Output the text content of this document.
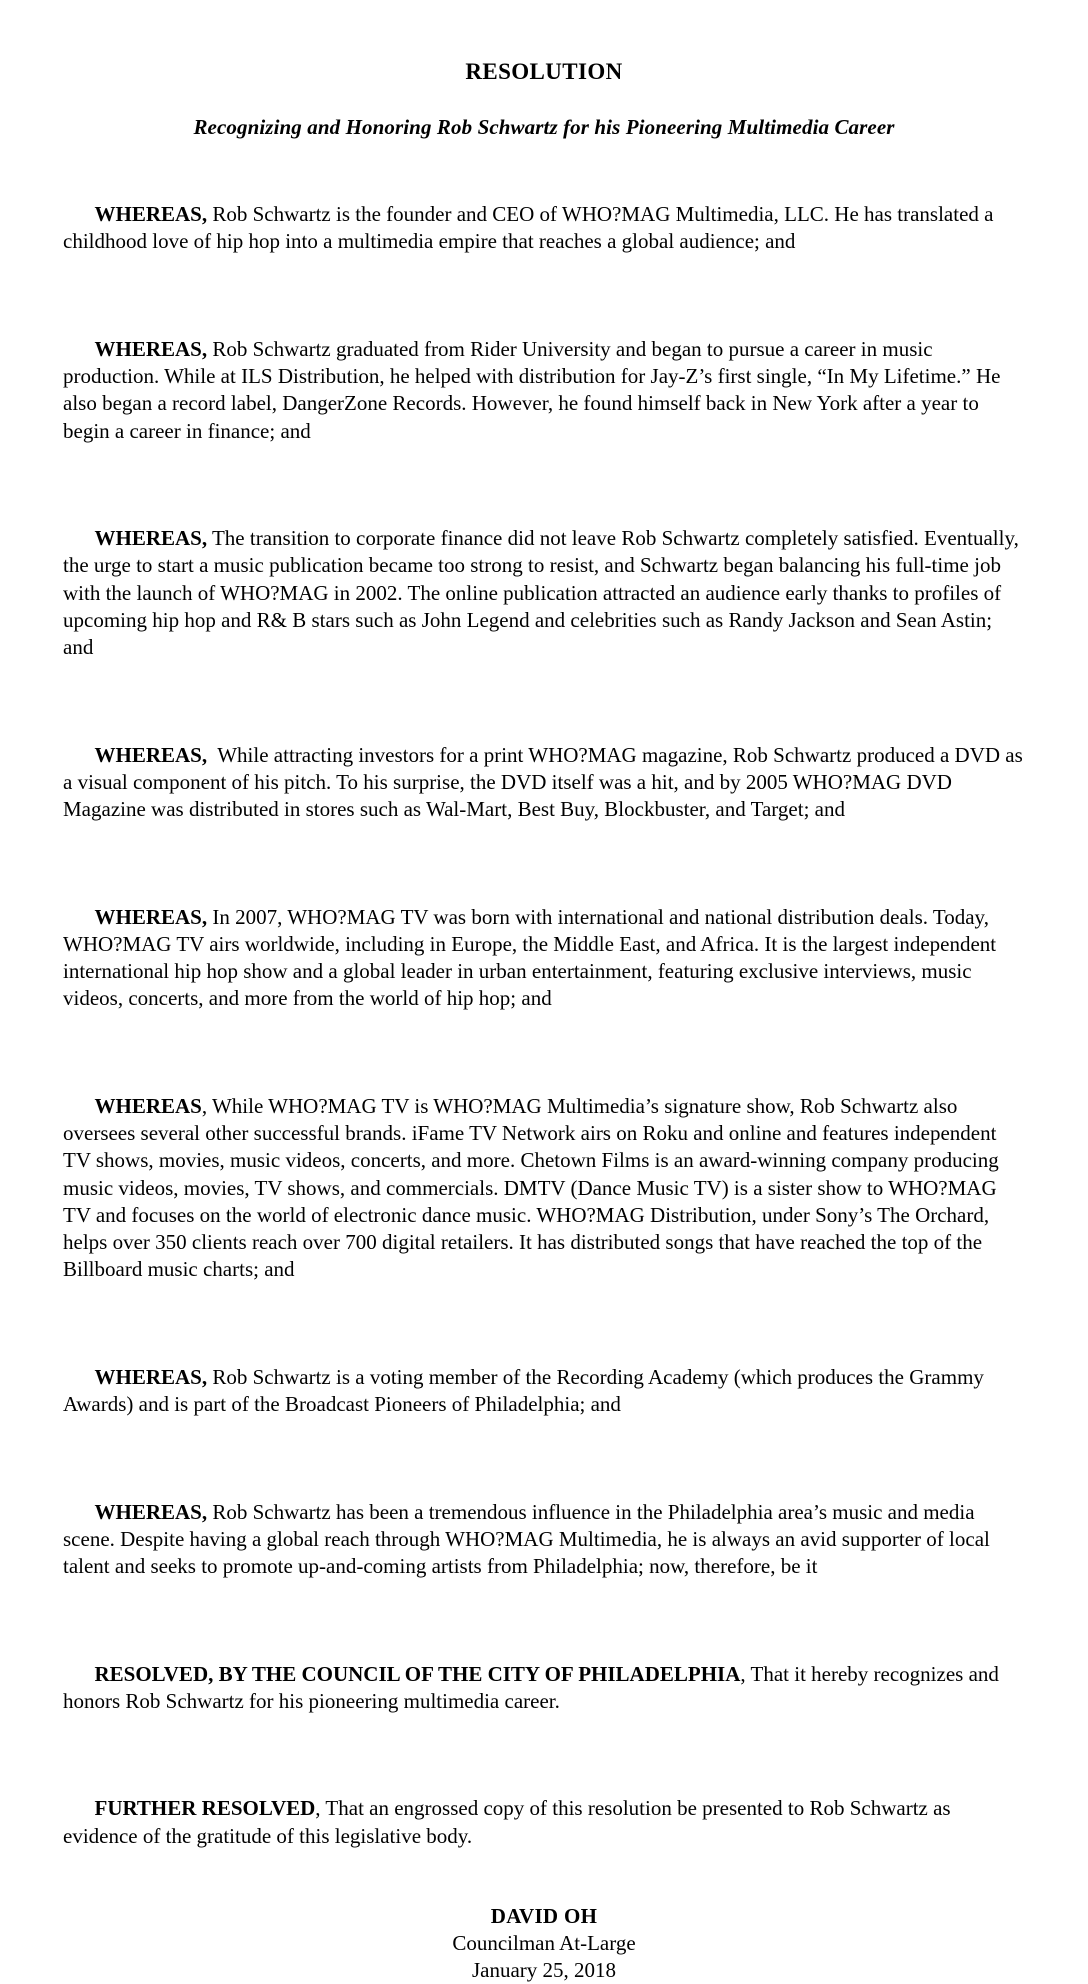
RESOLUTION
Recognizing and Honoring Rob Schwartz for his Pioneering Multimedia Career

WHEREAS, Rob Schwartz is the founder and CEO of WHO?MAG Multimedia, LLC. He has translated a childhood love of hip hop into a multimedia empire that reaches a global audience; and

WHEREAS, Rob Schwartz graduated from Rider University and began to pursue a career in music production. While at ILS Distribution, he helped with distribution for Jay-Z’s first single, “In My Lifetime.” He also began a record label, DangerZone Records. However, he found himself back in New York after a year to begin a career in finance; and

WHEREAS, The transition to corporate finance did not leave Rob Schwartz completely satisfied. Eventually, the urge to start a music publication became too strong to resist, and Schwartz began balancing his full-time job with the launch of WHO?MAG in 2002. The online publication attracted an audience early thanks to profiles of upcoming hip hop and R& B stars such as John Legend and celebrities such as Randy Jackson and Sean Astin; and

WHEREAS,  While attracting investors for a print WHO?MAG magazine, Rob Schwartz produced a DVD as a visual component of his pitch. To his surprise, the DVD itself was a hit, and by 2005 WHO?MAG DVD Magazine was distributed in stores such as Wal-Mart, Best Buy, Blockbuster, and Target; and

WHEREAS, In 2007, WHO?MAG TV was born with international and national distribution deals. Today, WHO?MAG TV airs worldwide, including in Europe, the Middle East, and Africa. It is the largest independent international hip hop show and a global leader in urban entertainment, featuring exclusive interviews, music videos, concerts, and more from the world of hip hop; and

WHEREAS, While WHO?MAG TV is WHO?MAG Multimedia’s signature show, Rob Schwartz also oversees several other successful brands. iFame TV Network airs on Roku and online and features independent TV shows, movies, music videos, concerts, and more. Chetown Films is an award-winning company producing music videos, movies, TV shows, and commercials. DMTV (Dance Music TV) is a sister show to WHO?MAG TV and focuses on the world of electronic dance music. WHO?MAG Distribution, under Sony’s The Orchard, helps over 350 clients reach over 700 digital retailers. It has distributed songs that have reached the top of the Billboard music charts; and

WHEREAS, Rob Schwartz is a voting member of the Recording Academy (which produces the Grammy Awards) and is part of the Broadcast Pioneers of Philadelphia; and

WHEREAS, Rob Schwartz has been a tremendous influence in the Philadelphia area’s music and media scene. Despite having a global reach through WHO?MAG Multimedia, he is always an avid supporter of local talent and seeks to promote up-and-coming artists from Philadelphia; now, therefore, be it

RESOLVED, BY THE COUNCIL OF THE CITY OF PHILADELPHIA, That it hereby recognizes and honors Rob Schwartz for his pioneering multimedia career.

FURTHER RESOLVED, That an engrossed copy of this resolution be presented to Rob Schwartz as evidence of the gratitude of this legislative body.

DAVID OH
Councilman At-Large
January 25, 2018
